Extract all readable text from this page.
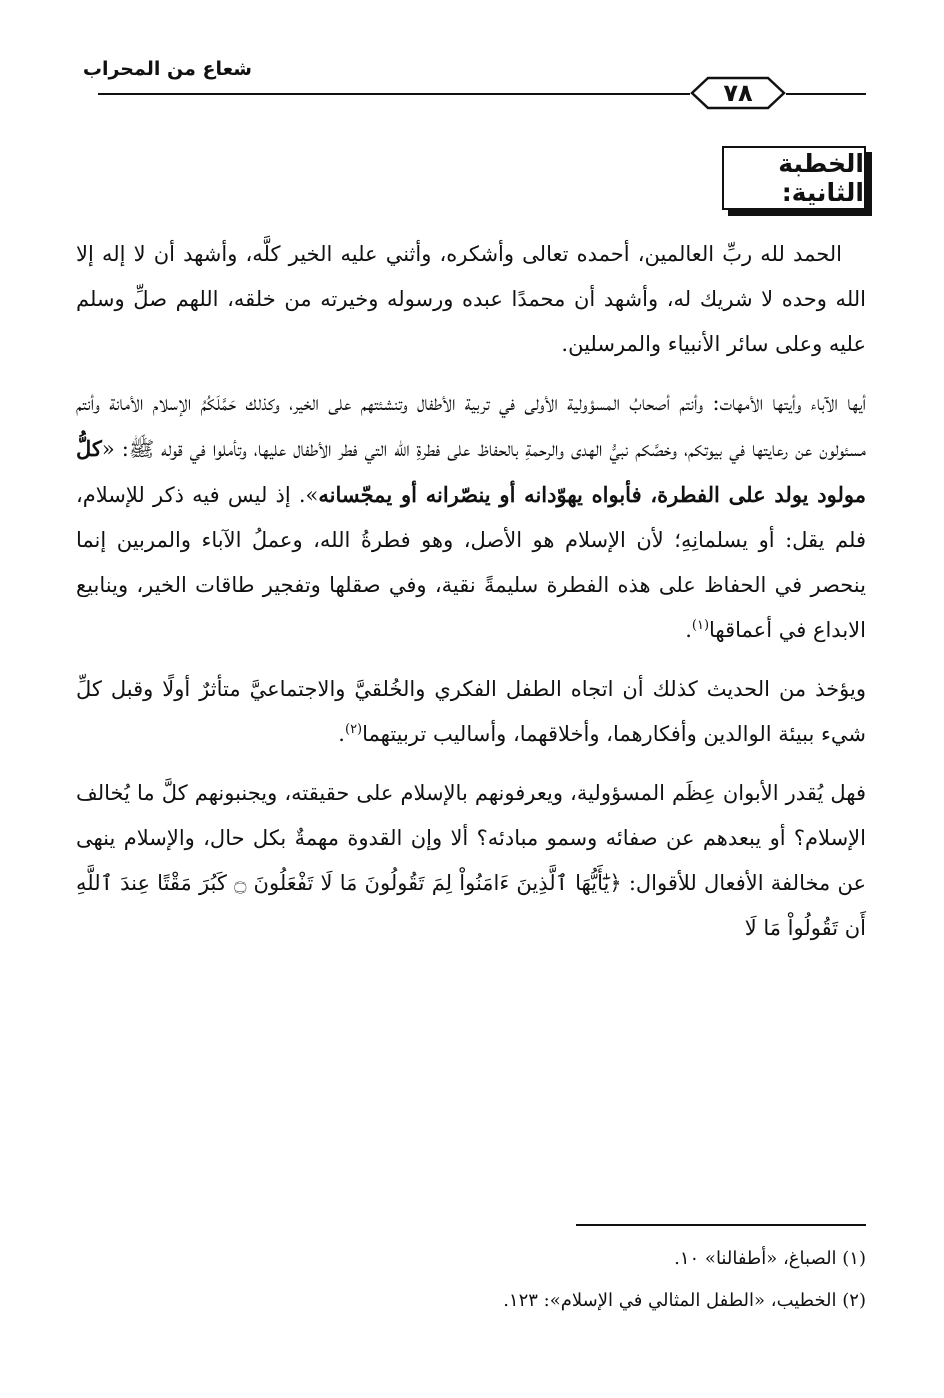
شعاع من المحراب
٧٨
الخطبة الثانية:

الحمد لله ربِّ العالمين، أحمده تعالى وأشكره، وأثني عليه الخير كلَّه، وأشهد أن لا إله إلا الله وحده لا شريك له، وأشهد أن محمدًا عبده ورسوله وخيرته من خلقه، اللهم صلِّ وسلم عليه وعلى سائر الأنبياء والمرسلين.

أيها الآباء وأيتها الأمهات: وأنتم أصحابُ المسؤولية الأولى في تربية الأطفال وتنشئتهم على الخير، وكذلك حَمَّلَكُمُ الإسلام الأمانة وأنتم مسئولون عن رعايتها في بيوتكم، وخصَّكم نبيُّ الهدى والرحمةِ بالحفاظ على فطرةِ الله التي فطر الأطفال عليها، وتأملوا في قوله ﷺ: «كلُّ مولود يولد على الفطرة، فأبواه يهوّدانه أو ينصّرانه أو يمجّسانه». إذ ليس فيه ذكر للإسلام، فلم يقل: أو يسلمانِهِ؛ لأن الإسلام هو الأصل، وهو فطرةُ الله، وعملُ الآباء والمربين إنما ينحصر في الحفاظ على هذه الفطرة سليمةً نقية، وفي صقلها وتفجير طاقات الخير، وينابيع الابداع في أعماقها$^{(١)}$.

ويؤخذ من الحديث كذلك أن اتجاه الطفل الفكري والخُلقيَّ والاجتماعيَّ متأثرٌ أولًا وقبل كلِّ شيء ببيئة الوالدين وأفكارهما، وأخلاقهما، وأساليب تربيتهما$^{(٢)}$.

فهل يُقدر الأبوان عِظَم المسؤولية، ويعرفونهم بالإسلام على حقيقته، ويجنبونهم كلَّ ما يُخالف الإسلام؟ أو يبعدهم عن صفائه وسمو مبادئه؟ ألا وإن القدوة مهمةٌ بكل حال، والإسلام ينهى عن مخالفة الأفعال للأقوال: ﴿يَٰٓأَيُّهَا ٱلَّذِينَ ءَامَنُواْ لِمَ تَقُولُونَ مَا لَا تَفْعَلُونَ ۝ كَبُرَ مَقْتًا عِندَ ٱللَّهِ أَن تَقُولُواْ مَا لَا

(١) الصباغ، «أطفالنا» ١٠.
(٢) الخطيب، «الطفل المثالي في الإسلام»: ١٢٣.
